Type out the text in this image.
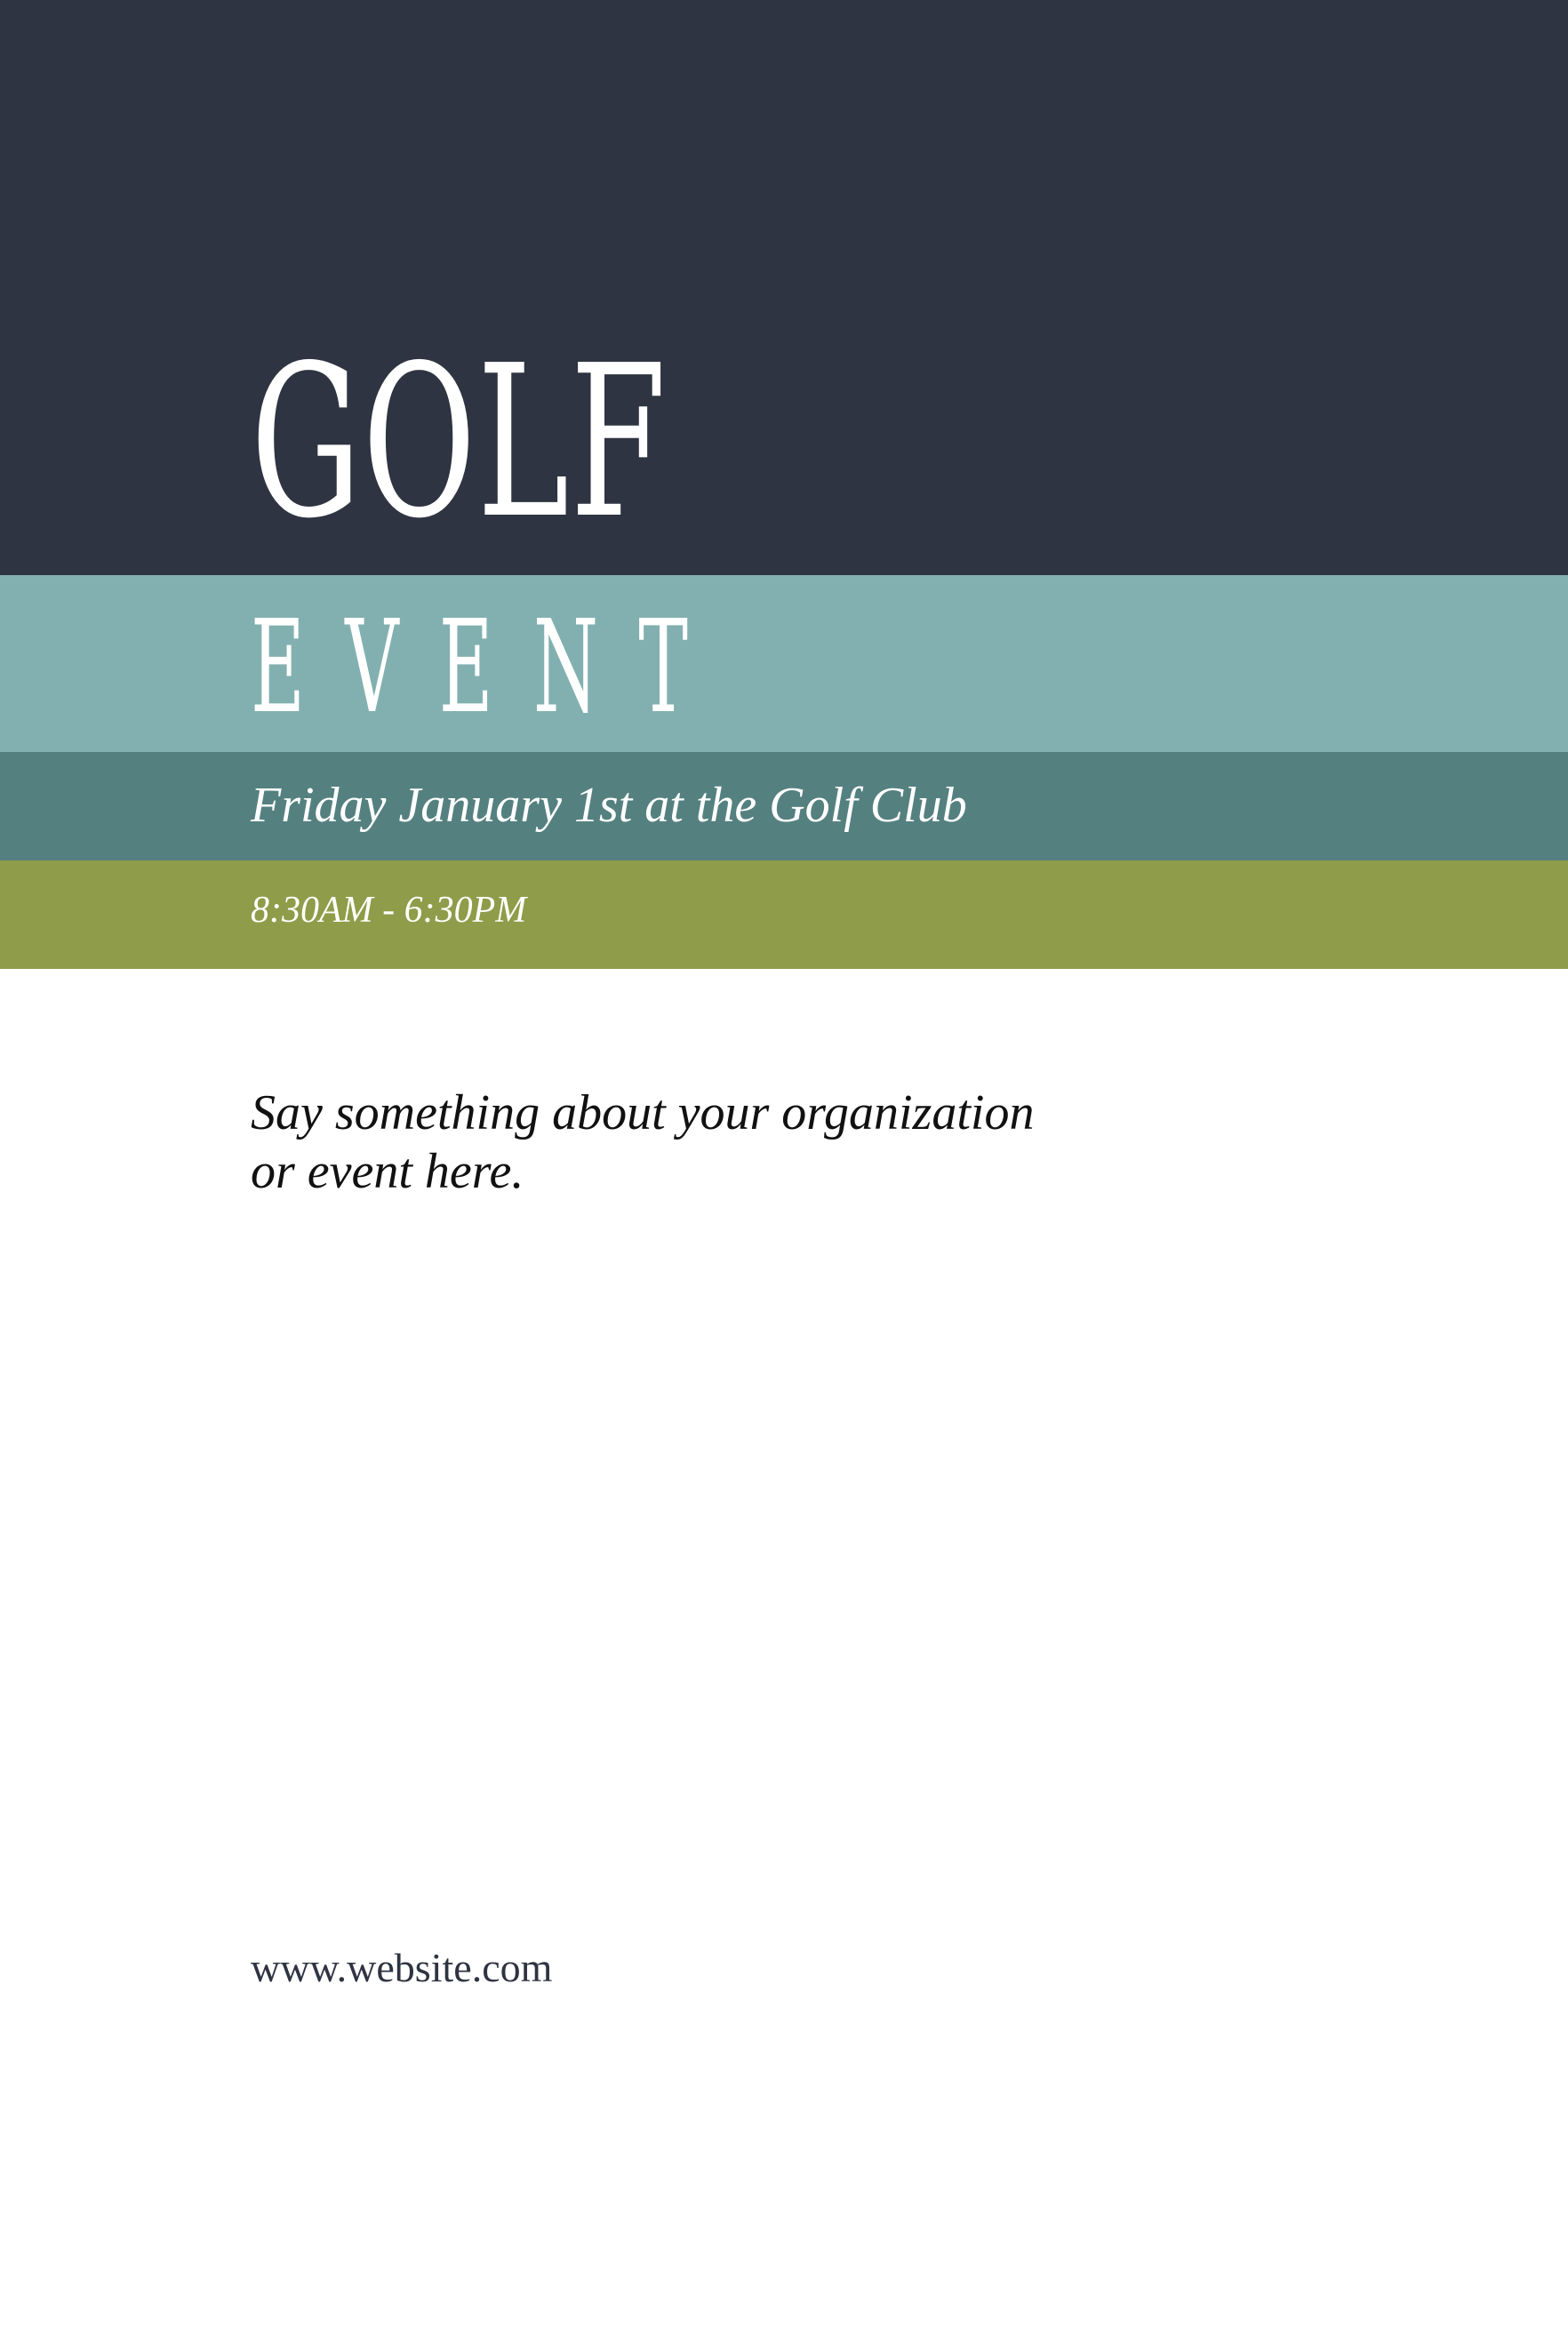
GOLF
EVENT
Friday January 1st at the Golf Club
8:30AM - 6:30PM

Say something about your organization
or event here.

www.website.com
